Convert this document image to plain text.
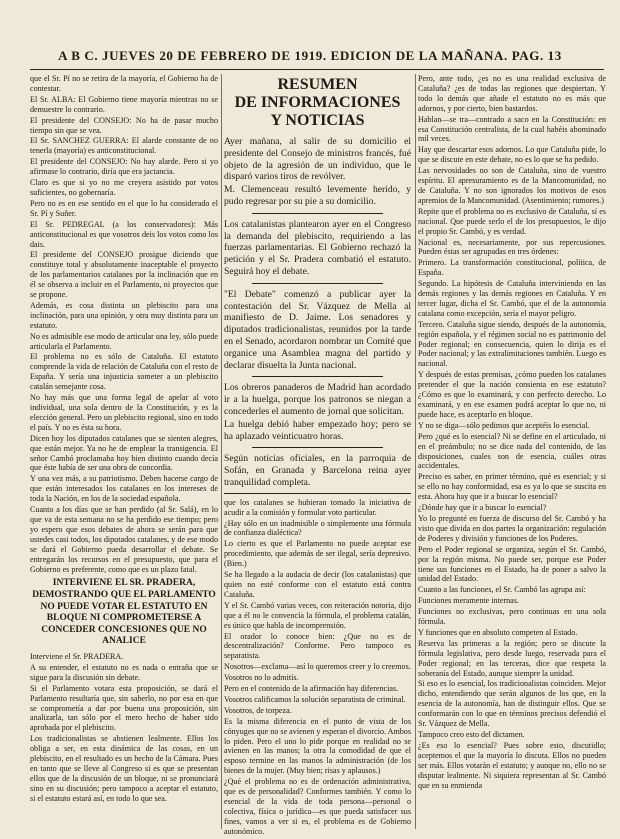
A B C. JUEVES 20 DE FEBRERO DE 1919. EDICION DE LA MAÑANA. PAG. 13

que el Sr. Pí no se retira de la mayoría, el Gobierno ha de contestar.

El Sr. ALBA: El Gobierno tiene mayoría mientras no se demuestre lo contrario.

El presidente del CONSEJO: No ha de pasar mucho tiempo sin que se vea.

El Sr. SANCHEZ GUERRA: El alarde constante de no tenerla (mayoría) es anticonstitucional.

El presidente del CONSEJO: No hay alarde. Pero si yo afirmase lo contrario, diría que era jactancia.

Claro es que si yo no me creyera asistido por votos suficientes, no gobernaría.

Pero no es en ese sentido en el que lo ha considerado el Sr. Pí y Suñer.

El Sr. PEDREGAL (a los conservadores): Más anticonstitucional es que vosotros deis los votos como los dais.

El presidente del CONSEJO prosigue diciendo que constituye total y absolutamente inaceptable el proyecto de los parlamentarios catalanes por la inclinación que en él se observa a incluir en el Parlamento, ni proyectos que se propone.

Además, es cosa distinta un plebiscito para una inclinación, para una opinión, y otra muy distinta para un estatuto.

No es admisible ese modo de articular una ley, sólo puede articularla el Parlamento.

El problema no es sólo de Cataluña. El estatuto comprende la vida de relación de Cataluña con el resto de España. Y sería una injusticia someter a un plebiscito catalán semejante cosa.

No hay más que una forma legal de apelar al voto individual, una sola dentro de la Constitución, y es la elección general. Pero un plebiscito regional, sino en todo el país. Y no es ésta su hora.

Dicen hoy los diputados catalanes que se sienten alegres, que están mejor. Ya no he de emplear la transigencia. El señor Cambó proclamaba hoy bien distinto cuando decía que éste había de ser una obra de concordia.

Y una vez más, a su patriotismo. Deben hacerse cargo de que están interesados los catalanes en los intereses de toda la Nación, en los de la sociedad española.

Cuanto a los días que se han perdido (al Sr. Salá), en lo que va de esta semana no se ha perdido ese tiempo; pero yo espero que esos debates de ahora se serán para que ustedes casi todos, los diputados catalanes, y de ese modo se dará el Gobierno pueda desarrollar el debate. Se entregarán los recursos en el presupuesto, que para el Gobierno es preferente, como que es un plazo fatal.

INTERVIENE EL SR. PRADERA, DEMOSTRANDO QUE EL PARLAMENTO NO PUEDE VOTAR EL ESTATUTO EN BLOQUE NI COMPROMETERSE A CONCEDER CONCESIONES QUE NO ANALICE

Interviene el Sr. PRADERA.

A su entender, el estatuto no es nada o entraña que se sigue para la discusión sin debate.

Si el Parlamento votara esta proposición, se dará el Parlamento resultaría que, sin saberlo, no por esa en que se comprometía a dar por buena una proposición, sin analizarla, tan sólo por el mero hecho de haber sido aprobada por el plebiscito.

Los tradicionalistas se abstienen lealmente. Ellos los obliga a ser, en esta dinámica de las cosas, en un plebiscito, en el resultado es un hecho de la Cámara. Pues en tanto que se lleve al Congreso si es que se presentan ellos que de la discusión de un bloque, ni se pronunciará sino en su discusión; pero tampoco a aceptar el estatuto, si el estatuto estará así, en todo lo que sea.

RESUMEN
DE INFORMACIONES
Y NOTICIAS

Ayer mañana, al salir de su domicilio el presidente del Consejo de ministros francés, fué objeto de la agresión de un individuo, que le disparó varios tiros de revólver.

M. Clemenceau resultó levemente herido, y pudo regresar por su pie a su domicilio.

Los catalanistas plantearon ayer en el Congreso la demanda del plebiscito, requiriendo a las fuerzas parlamentarias. El Gobierno rechazó la petición y el Sr. Pradera combatió el estatuto. Seguirá hoy el debate.

"El Debate" comenzó a publicar ayer la contestación del Sr. Vázquez de Mella al manifiesto de D. Jaime. Los senadores y diputados tradicionalistas, reunidos por la tarde en el Senado, acordaron nombrar un Comité que organice una Asamblea magna del partido y declarar disuelta la Junta nacional.

Los obreros panaderos de Madrid han acordado ir a la huelga, porque los patronos se niegan a concederles el aumento de jornal que solicitan.

La huelga debió haber empezado hoy; pero se ha aplazado veinticuatro horas.

Según noticias oficiales, en la parroquia de Sofán, en Granada y Barcelona reina ayer tranquilidad completa.

que los catalanes se hubieran tomado la iniciativa de acudir a la comisión y formular voto particular.

¿Hay sólo en un inadmisible o simplemente una fórmula de confianza dialéctica?

Lo cierto es que el Parlamento no puede aceptar ese procedimiento, que además de ser ilegal, sería depresivo. (Bien.)

Se ha llegado a la audacia de decir (los catalanistas) que quien no esté conforme con el estatuto está contra Cataluña.

Y el Sr. Cambó varias veces, con reiteración notoria, dijo que a él no le convencía la fórmula, el problema catalán, es único que habla de incomprensión.

El orador lo conoce bien: ¿Que no es de descentralización? Conforme. Pero tampoco es separatista.

Nosotros—exclama—así lo queremos creer y lo creemos.

Vosotros no lo admitís.

Pero en el contenido de la afirmación hay diferencias.

Vosotros calificamos la solución separatista de criminal.

Vosotros, de torpeza.

Es la misma diferencia en el punto de vista de los cónyuges que no se avienen y esperan el divorcio. Ambos lo piden. Pero el uno lo pide porque en realidad no se avienen en las manos; la otra la comodidad de que el esposo termine en las manos la administración (de los bienes de la mujer. (Muy bien; risas y aplausos.)

¿Qué el problema no es de ordenación administrativa, que es de personalidad? Conformes también. Y como lo esencial de la vida de toda persona—personal o colectiva, física o jurídica—es que pueda satisfacer sus fines, vamos a ver si es, el problema es de Gobierno autonómico.

Pero, ante todo, ¿es no es una realidad exclusiva de Cataluña? ¿es de todas las regiones que despiertan. Y todo lo demás que añade el estatuto no es más que adornos, y por cierto, bien bastardos.

Hablan—se tra—contrado a saco en la Constitución: en esa Constitución centralista, de la cual habéis abominado mil veces.

Hay que descartar esos adornos. Lo que Cataluña pide, lo que se discute en este debate, no es lo que se ha pedido.

Las nervosidades no son de Cataluña, sino de vuestro espíritu. El apresuramiento es de la Mancomunidad, no de Cataluña. Y no son ignorados los motivos de esos apremios de la Mancomunidad. (Asentimiento; rumores.)

Repite que el problema no es exclusivo de Cataluña, sí es nacional. Que puede serlo el de los presupuestos, le dijo el propio Sr. Cambó, y es verdad.

Nacional es, necesariamente, por sus repercusiones. Pueden éstas ser agrupadas en tres órdenes:

Primero. La transformación constitucional, política, de España.

Segundo. La hipótesis de Cataluña interviniendo en las demás regiones y las demás regiones en Cataluña. Y en tercer lugar, dicha el Sr. Cambó, que el de la autonomía catalana como excepción, sería el mayor peligro.

Tercero. Cataluña sigue siendo, después de la autonomía, región española, y el régimen social no es patrimonio del Poder regional; en consecuencia, quien lo dirija es el Poder nacional; y las extralimitaciones también. Luego es nacional.

Y después de estas premisas, ¿cómo pueden los catalanes pretender el que la nación consienta en ese estatuto? ¿Cómo es que lo examinará, y con perfecto derecho. Lo examinará, y en ese examen podrá aceptar lo que no, ni puede hace, es aceptarlo en bloque.

Y no se diga—sólo pedimos que aceptéis lo esencial.

Pero ¿qué es lo esencial? Ni se define en el articulado, ni en el preámbulo; no se dice nada del contenido, de las disposiciones, cuales son de esencia, cuáles otras accidentales.

Preciso es saber, en primer término, qué es esencial; y si se ello no hay conformidad, esa es ya lo que se suscita en esta. Ahora hay que ir a buscar lo esencial?

¿Dónde hay que ir a buscar lo esencial?

Yo lo pregunté en fuerza de discurso del Sr. Cambó y ha visto que divida en dos partes la organización: regulación de Poderes y división y funciones de los Poderes.

Pero el Poder regional se organiza, según el Sr. Cambó, por la región misma. No puede ser, porque ese Poder tiene sus funciones en el Estado, ha de poner a salvo la unidad del Estado.

Cuanto a las funciones, el Sr. Cambó las agrupa así:

Funciones meramente internas.

Funciones no exclusivas, pero continuas en una sola fórmula.

Y funciones que en absoluto competen al Estado.

Reserva las primeras a la región; pero se discute la fórmula legislativa, pero desde luego, reservada para el Poder regional; en las terceras, dice que respeta la soberanía del Estado, aunque siempre la unidad.

Si eso es lo esencial, los tradicionalistas coinciden. Mejor dicho, entendiendo que serán algunos de los que, en la esencia de la autonomía, han de distinguir ellos. Que se conformarán con lo que en términos precisos defendió el Sr. Vázquez de Mella.

Tampoco creo esto del dictamen.

¿Es eso lo esencial? Pues sobre esto, discutidlo; aceptemos el que la mayoría lo discuta. Ellos no pueden ser más. Ellos votarán el estatuto; y aunque no, ello no se disputar lealmente. Ni siquiera representan al Sr. Cambó que en su enmienda
